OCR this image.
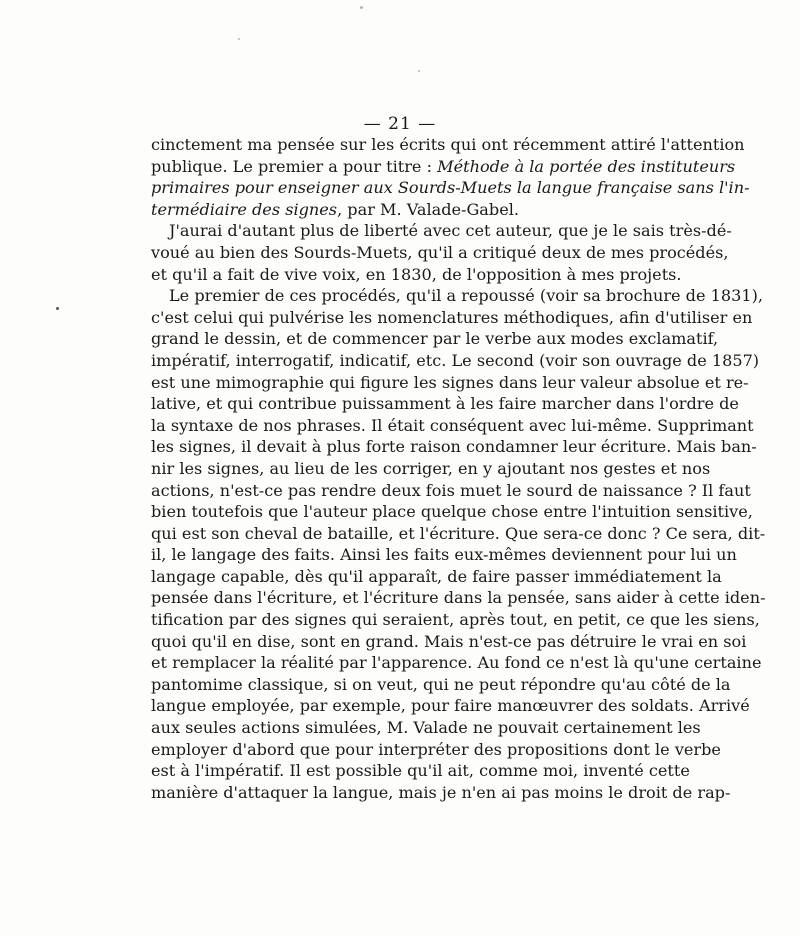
— 21 —
cinctement ma pensée sur les écrits qui ont récemment attiré l'attention
publique. Le premier a pour titre : Méthode à la portée des instituteurs
primaires pour enseigner aux Sourds-Muets la langue française sans l'in-
termédiaire des signes, par M. Valade-Gabel.
J'aurai d'autant plus de liberté avec cet auteur, que je le sais très-dé-
voué au bien des Sourds-Muets, qu'il a critiqué deux de mes procédés,
et qu'il a fait de vive voix, en 1830, de l'opposition à mes projets.
Le premier de ces procédés, qu'il a repoussé (voir sa brochure de 1831),
c'est celui qui pulvérise les nomenclatures méthodiques, afin d'utiliser en
grand le dessin, et de commencer par le verbe aux modes exclamatif,
impératif, interrogatif, indicatif, etc. Le second (voir son ouvrage de 1857)
est une mimographie qui figure les signes dans leur valeur absolue et re-
lative, et qui contribue puissamment à les faire marcher dans l'ordre de
la syntaxe de nos phrases. Il était conséquent avec lui-même. Supprimant
les signes, il devait à plus forte raison condamner leur écriture. Mais ban-
nir les signes, au lieu de les corriger, en y ajoutant nos gestes et nos
actions, n'est-ce pas rendre deux fois muet le sourd de naissance ? Il faut
bien toutefois que l'auteur place quelque chose entre l'intuition sensitive,
qui est son cheval de bataille, et l'écriture. Que sera-ce donc ? Ce sera, dit-
il, le langage des faits. Ainsi les faits eux-mêmes deviennent pour lui un
langage capable, dès qu'il apparaît, de faire passer immédiatement la
pensée dans l'écriture, et l'écriture dans la pensée, sans aider à cette iden-
tification par des signes qui seraient, après tout, en petit, ce que les siens,
quoi qu'il en dise, sont en grand. Mais n'est-ce pas détruire le vrai en soi
et remplacer la réalité par l'apparence. Au fond ce n'est là qu'une certaine
pantomime classique, si on veut, qui ne peut répondre qu'au côté de la
langue employée, par exemple, pour faire manœuvrer des soldats. Arrivé
aux seules actions simulées, M. Valade ne pouvait certainement les
employer d'abord que pour interpréter des propositions dont le verbe
est à l'impératif. Il est possible qu'il ait, comme moi, inventé cette
manière d'attaquer la langue, mais je n'en ai pas moins le droit de rap-
